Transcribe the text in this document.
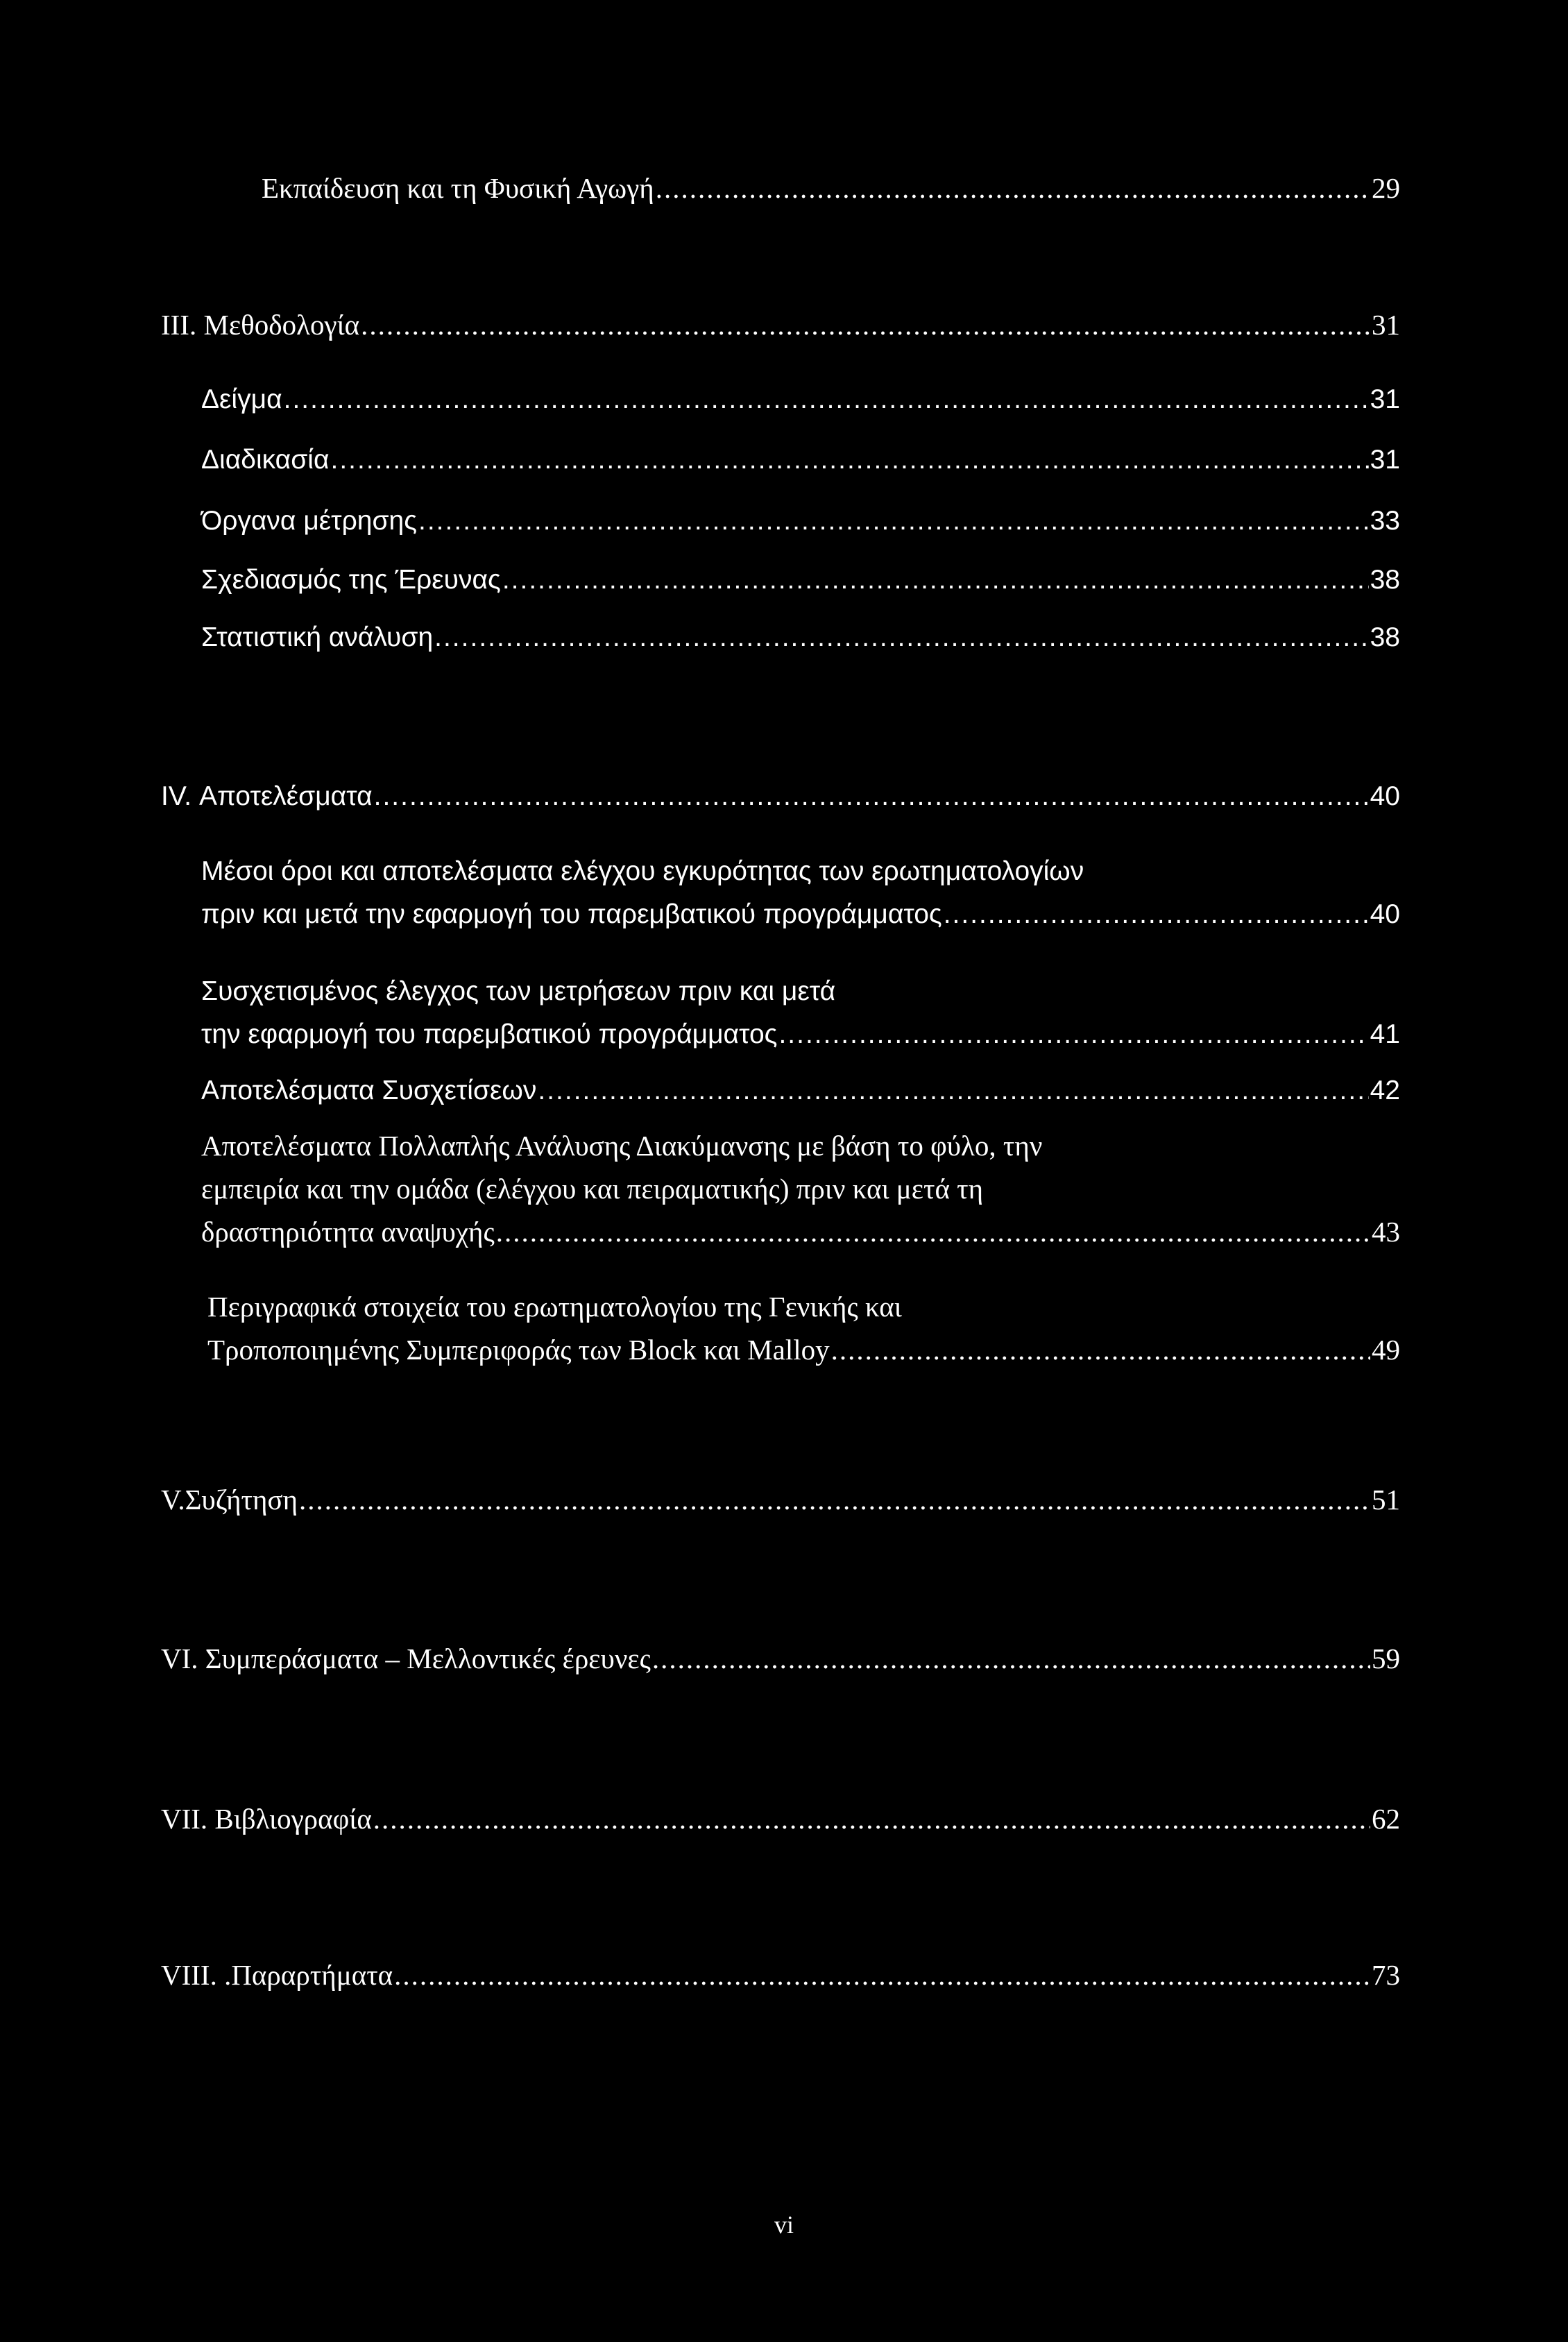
Εκπαίδευση και τη Φυσική Αγωγή .....	29
III. Μεθοδολογία .....	31
Δείγμα .....	31
Διαδικασία .....	31
Όργανα μέτρησης .....	33
Σχεδιασμός της Έρευνας .....	38
Στατιστική ανάλυση .....	38
IV. Αποτελέσματα .....	40
Μέσοι όροι και αποτελέσματα ελέγχου εγκυρότητας των ερωτηματολογίων
πριν και μετά την εφαρμογή του παρεμβατικού προγράμματος .....	40
Συσχετισμένος έλεγχος των μετρήσεων πριν και μετά
την εφαρμογή του παρεμβατικού προγράμματος .....	41
Αποτελέσματα Συσχετίσεων .....	42
Αποτελέσματα Πολλαπλής Ανάλυσης Διακύμανσης με βάση το φύλο, την
εμπειρία και την ομάδα (ελέγχου και πειραματικής) πριν και μετά τη
δραστηριότητα αναψυχής .....	43
Περιγραφικά στοιχεία του ερωτηματολογίου της Γενικής και
Τροποποιημένης Συμπεριφοράς των Block και Malloy .....	49
V.Συζήτηση .....	51
VI. Συμπεράσματα – Μελλοντικές έρευνες .....	59
VII. Βιβλιογραφία .....	62
VIII. .Παραρτήματα .....	73
vi
